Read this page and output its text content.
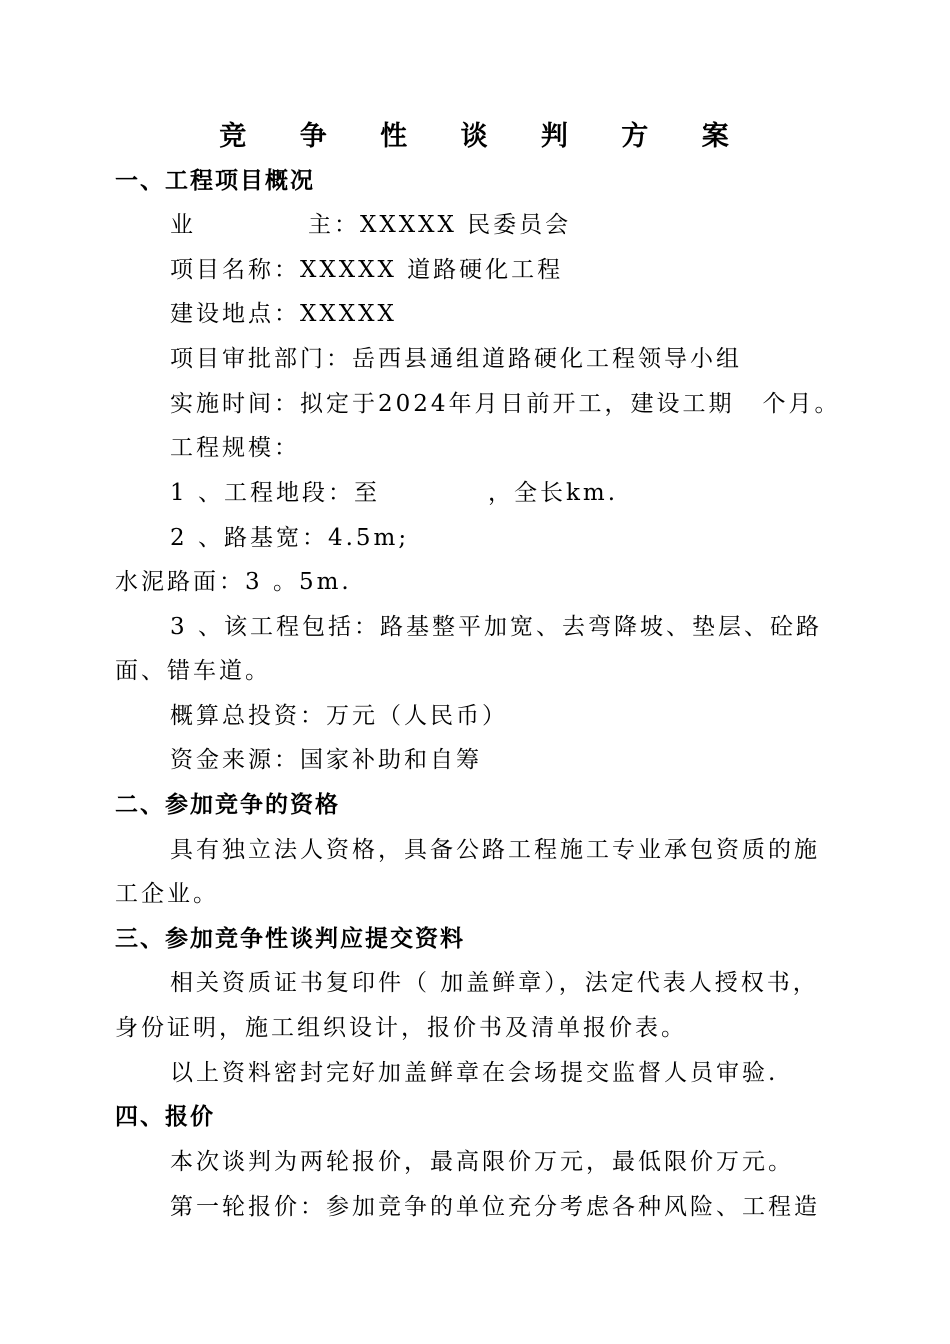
竞 争 性 谈 判 方 案
一、工程项目概况
业	主：XXXXX 民委员会
项目名称：XXXXX 道路硬化工程
建设地点：XXXXX
项目审批部门：岳西县通组道路硬化工程领导小组
实施时间：拟定于2024年月日前开工，建设工期 个月。
工程规模：
1 、工程地段：至	，全长km.
2 、路基宽：4.5m;
水泥路面：3 。5m.
3 、该工程包括：路基整平加宽、去弯降坡、垫层、砼路
面、错车道。
概算总投资：万元（人民币）
资金来源：国家补助和自筹
二、参加竞争的资格
具有独立法人资格，具备公路工程施工专业承包资质的施
工企业。
三、参加竞争性谈判应提交资料
相关资质证书复印件（ 加盖鲜章），法定代表人授权书，
身份证明，施工组织设计，报价书及清单报价表。
以上资料密封完好加盖鲜章在会场提交监督人员审验.
四、报价
本次谈判为两轮报价，最高限价万元，最低限价万元。
第一轮报价：参加竞争的单位充分考虑各种风险、工程造
